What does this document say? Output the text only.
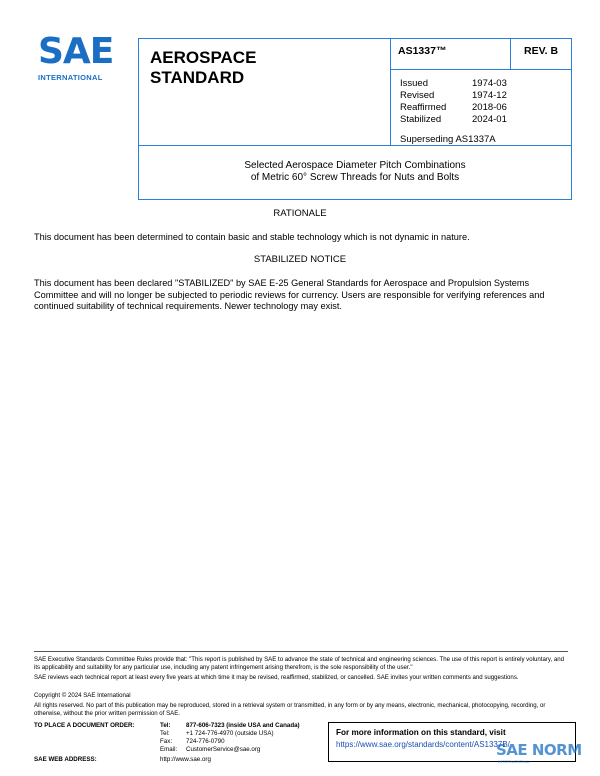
SAE
INTERNATIONAL
AEROSPACE
STANDARD
AS1337™	REV. B
Issued	1974-03
Revised	1974-12
Reaffirmed	2018-06
Stabilized	2024-01
Superseding AS1337A
Selected Aerospace Diameter Pitch Combinations
of Metric 60° Screw Threads for Nuts and Bolts
RATIONALE
This document has been determined to contain basic and stable technology which is not dynamic in nature.
STABILIZED NOTICE
This document has been declared "STABILIZED" by SAE E-25 General Standards for Aerospace and Propulsion Systems Committee and will no longer be subjected to periodic reviews for currency. Users are responsible for verifying references and continued suitability of technical requirements. Newer technology may exist.
SAE Executive Standards Committee Rules provide that: "This report is published by SAE to advance the state of technical and engineering sciences. The use of this report is entirely voluntary, and its applicability and suitability for any particular use, including any patent infringement arising therefrom, is the sole responsibility of the user."
SAE reviews each technical report at least every five years at which time it may be revised, reaffirmed, stabilized, or cancelled. SAE invites your written comments and suggestions.
Copyright © 2024 SAE International
All rights reserved. No part of this publication may be reproduced, stored in a retrieval system or transmitted, in any form or by any means, electronic, mechanical, photocopying, recording, or otherwise, without the prior written permission of SAE.
TO PLACE A DOCUMENT ORDER:	Tel: 877-606-7323 (inside USA and Canada)
Tel:	+1 724-776-4970 (outside USA)
Fax: 724-776-0790
Email: CustomerService@sae.org
SAE WEB ADDRESS:	http://www.sae.org
For more information on this standard, visit
https://www.sae.org/standards/content/AS1337B/
SAE NORM
INTERNATIONAL
